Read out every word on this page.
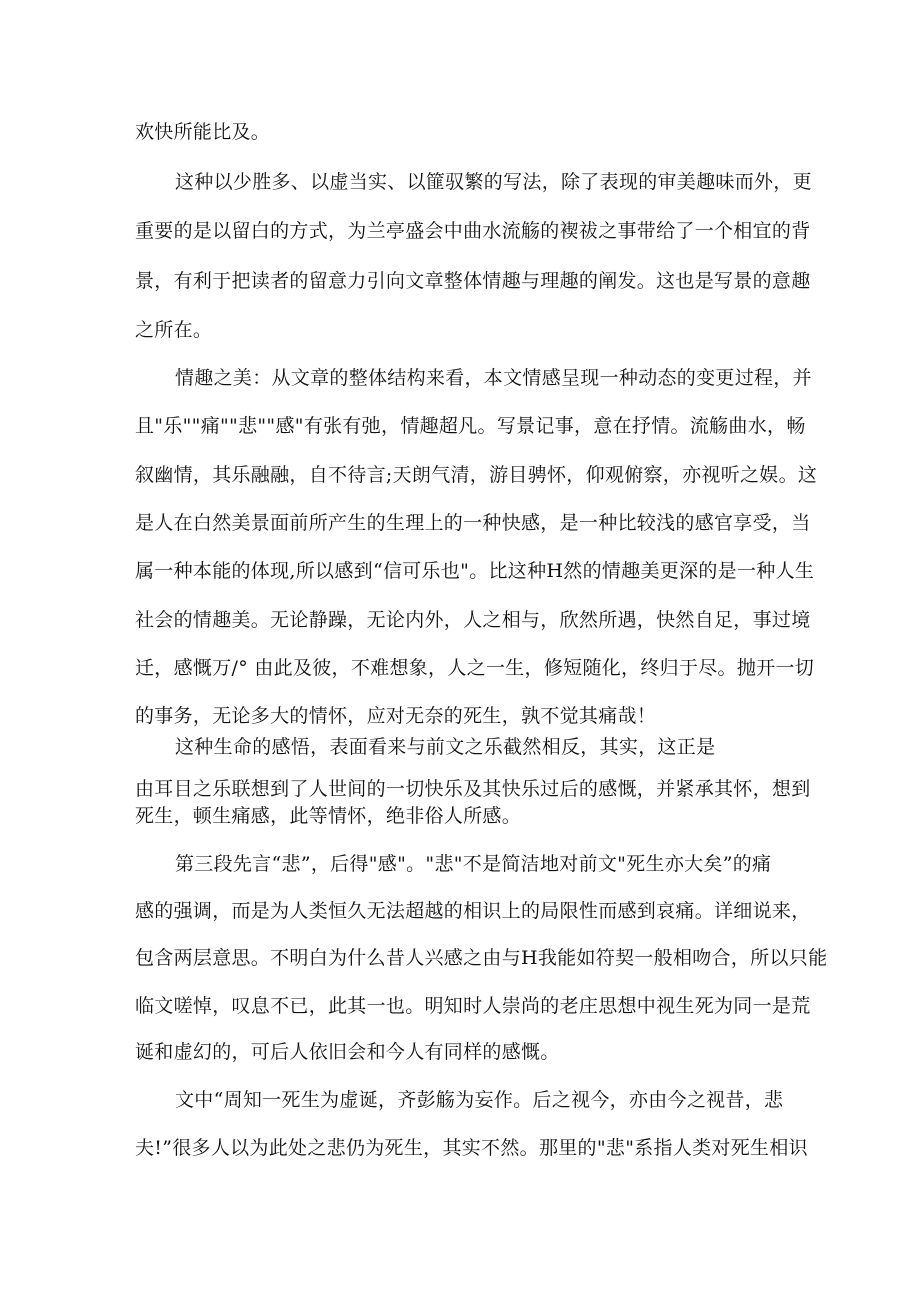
欢快所能比及。
这种以少胜多、以虚当实、以篚驭繁的写法，除了表现的审美趣味而外，更
重要的是以留白的方式，为兰亭盛会中曲水流觞的褉祓之事带给了一个相宜的背
景，有利于把读者的留意力引向文章整体情趣与理趣的阐发。这也是写景的意趣
之所在。
情趣之美：从文章的整体结构来看，本文情感呈现一种动态的变更过程，并
且"乐""痛""悲""感"有张有弛，情趣超凡。写景记事，意在抒情。流觞曲水，畅
叙幽情，其乐融融，自不待言;天朗气清，游目骋怀，仰观俯察，亦视听之娱。这
是人在白然美景面前所产生的生理上的一种快感，是一种比较浅的感官享受，当
属一种本能的体现,所以感到“信可乐也"。比这种H然的情趣美更深的是一种人生
社会的情趣美。无论静躁，无论内外，人之相与，欣然所遇，快然自足，事过境
迁，感慨万/° 由此及彼，不难想象，人之一生，修短随化，终归于尽。抛开一切
的事务，无论多大的情怀，应对无奈的死生，孰不觉其痛哉！
这种生命的感悟，表面看来与前文之乐截然相反，其实，这正是
由耳目之乐联想到了人世间的一切快乐及其快乐过后的感慨，并紧承其怀，想到
死生，顿生痛感，此等情怀，绝非俗人所感。
第三段先言“悲”，后得"感"。"悲"不是简洁地对前文"死生亦大矣”的痛
感的强调，而是为人类恒久无法超越的相识上的局限性而感到哀痛。详细说来，
包含两层意思。不明白为什么昔人兴感之由与H我能如符契一般相吻合，所以只能
临文嗟悼，叹息不已，此其一也。明知时人崇尚的老庄思想中视生死为同一是荒
诞和虚幻的，可后人依旧会和今人有同样的感慨。
文中“周知一死生为虚诞，齐彭觞为妄作。后之视今，亦由今之视昔，悲
夫!”很多人以为此处之悲仍为死生，其实不然。那里的"悲"系指人类对死生相识
